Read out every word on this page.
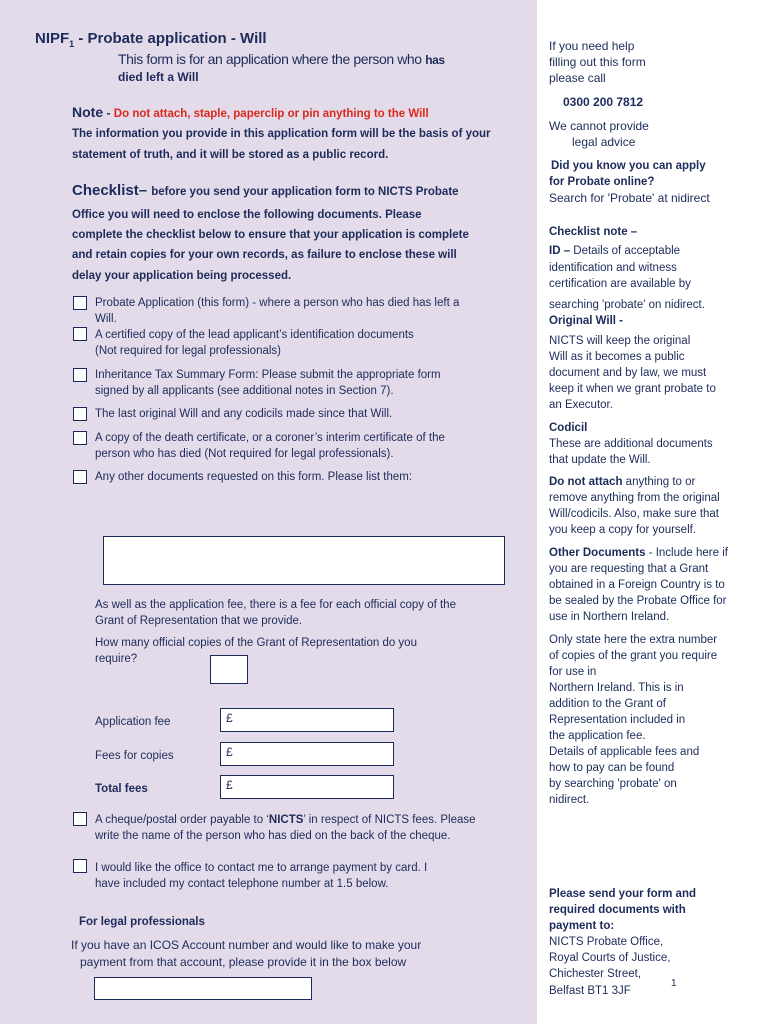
$NIPF_1$ - Probate application - Will
This form is for an application where the person who has
died left a Will
Note - Do not attach, staple, paperclip or pin anything to the Will
The information you provide in this application form will be the basis of your
statement of truth, and it will be stored as a public record.
Checklist– before you send your application form to NICTS Probate
Office you will need to enclose the following documents. Please
complete the checklist below to ensure that your application is complete
and retain copies for your own records, as failure to enclose these will
delay your application being processed.
Probate Application (this form) - where a person who has died has left a
Will.
A certified copy of the lead applicant’s identification documents
(Not required for legal professionals)
Inheritance Tax Summary Form: Please submit the appropriate form
signed by all applicants (see additional notes in Section 7).
The last original Will and any codicils made since that Will.
A copy of the death certificate, or a coroner’s interim certificate of the
person who has died (Not required for legal professionals).
Any other documents requested on this form. Please list them:
As well as the application fee, there is a fee for each official copy of the
Grant of Representation that we provide.
How many official copies of the Grant of Representation do you
require?
Application fee	£
Fees for copies	£
Total fees	£
A cheque/postal order payable to ‘NICTS’ in respect of NICTS fees. Please
write the name of the person who has died on the back of the cheque.
I would like the office to contact me to arrange payment by card. I
have included my contact telephone number at 1.5 below.
For legal professionals
If you have an ICOS Account number and would like to make your
payment from that account, please provide it in the box below
If you need help
filling out this form
please call
0300 200 7812
We cannot provide
legal advice
Did you know you can apply
for Probate online?
Search for 'Probate' at nidirect
Checklist note –
ID – Details of acceptable
identification and witness
certification are available by
searching 'probate' on nidirect.
Original Will -
NICTS will keep the original
Will as it becomes a public
document and by law, we must
keep it when we grant probate to
an Executor.
Codicil
These are additional documents
that update the Will.
Do not attach anything to or
remove anything from the original
Will/codicils. Also, make sure that
you keep a copy for yourself.
Other Documents - Include here if
you are requesting that a Grant
obtained in a Foreign Country is to
be sealed by the Probate Office for
use in Northern Ireland.
Only state here the extra number
of copies of the grant you require
for use in
Northern Ireland. This is in
addition to the Grant of
Representation included in
the application fee.
Details of applicable fees and
how to pay can be found
by searching 'probate' on
nidirect.
Please send your form and
required documents with
payment to:
NICTS Probate Office,
Royal Courts of Justice,
Chichester Street,
Belfast BT1 3JF
1
